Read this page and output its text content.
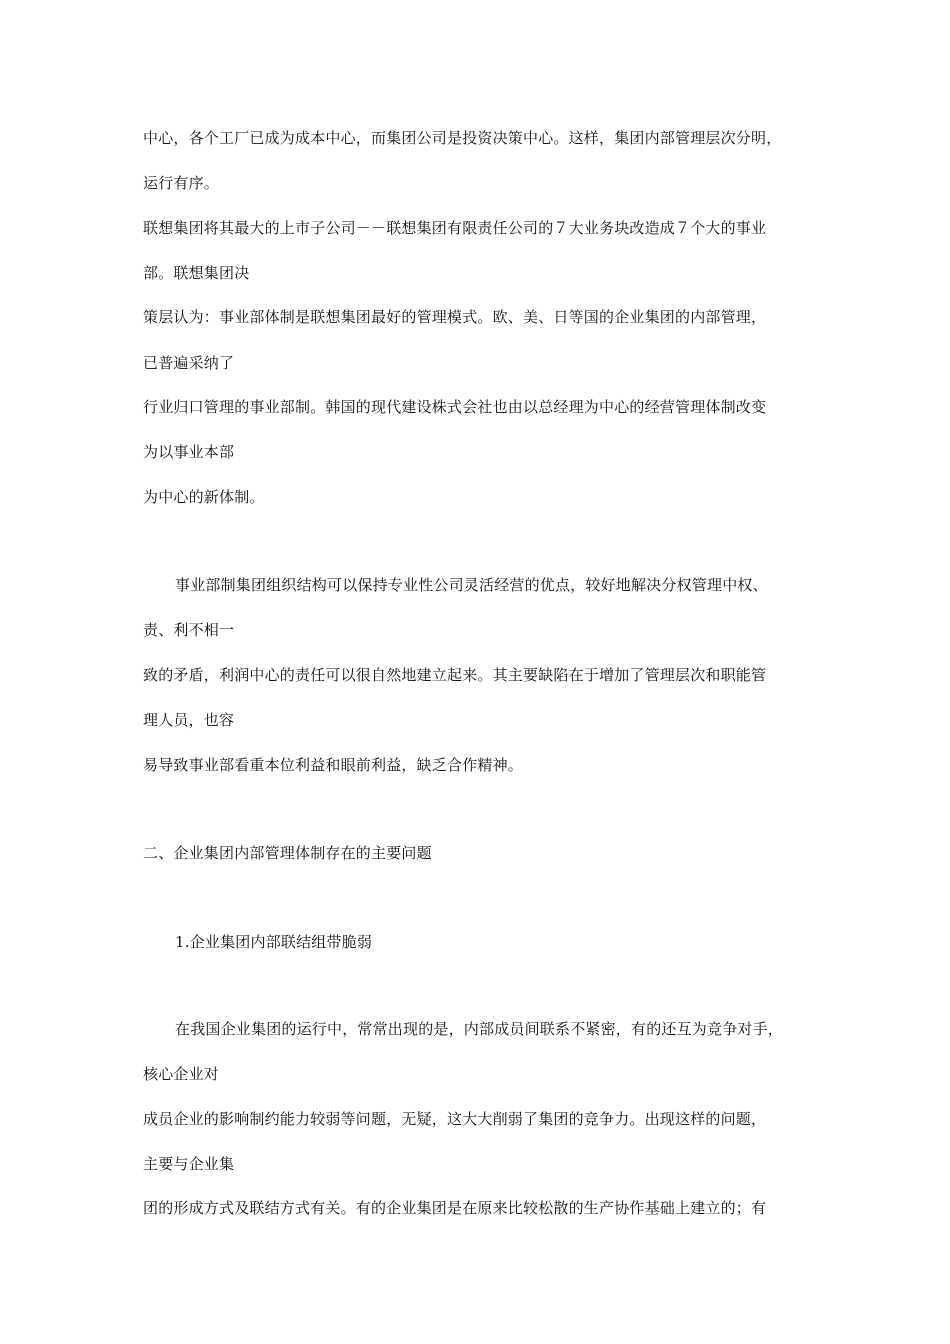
中心，各个工厂已成为成本中心，而集团公司是投资决策中心。这样，集团内部管理层次分明，
运行有序。
联想集团将其最大的上市子公司－－联想集团有限责任公司的７大业务块改造成７个大的事业
部。联想集团决
策层认为：事业部体制是联想集团最好的管理模式。欧、美、日等国的企业集团的内部管理，
已普遍采纳了
行业归口管理的事业部制。韩国的现代建设株式会社也由以总经理为中心的经营管理体制改变
为以事业本部
为中心的新体制。
事业部制集团组织结构可以保持专业性公司灵活经营的优点，较好地解决分权管理中权、
责、利不相一
致的矛盾，利润中心的责任可以很自然地建立起来。其主要缺陷在于增加了管理层次和职能管
理人员，也容
易导致事业部看重本位利益和眼前利益，缺乏合作精神。
二、企业集团内部管理体制存在的主要问题
1.企业集团内部联结组带脆弱
在我国企业集团的运行中，常常出现的是，内部成员间联系不紧密，有的还互为竞争对手，
核心企业对
成员企业的影响制约能力较弱等问题，无疑，这大大削弱了集团的竞争力。出现这样的问题，
主要与企业集
团的形成方式及联结方式有关。有的企业集团是在原来比较松散的生产协作基础上建立的；有
